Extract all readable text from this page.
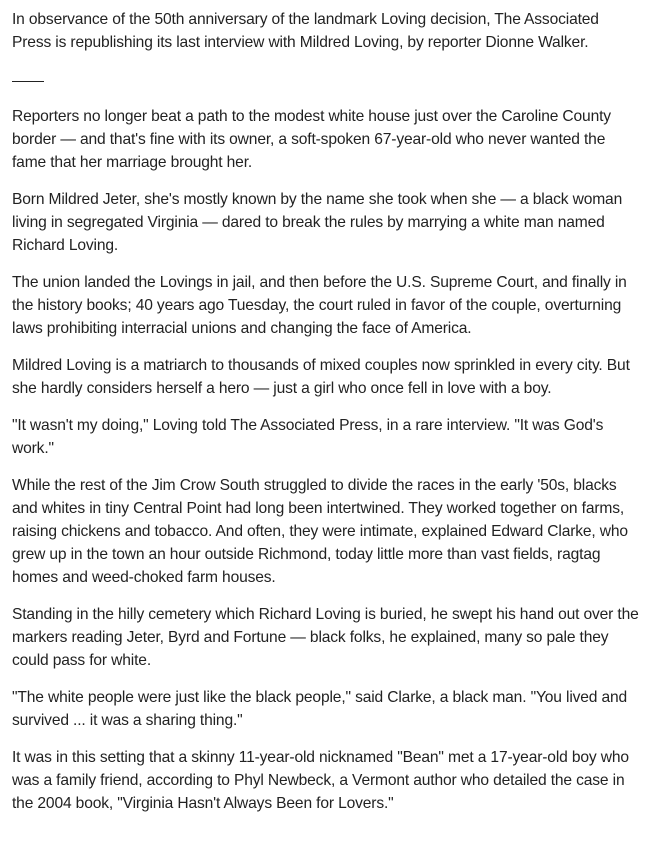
In observance of the 50th anniversary of the landmark Loving decision, The Associated Press is republishing its last interview with Mildred Loving, by reporter Dionne Walker.

Reporters no longer beat a path to the modest white house just over the Caroline County border — and that's fine with its owner, a soft-spoken 67-year-old who never wanted the fame that her marriage brought her.

Born Mildred Jeter, she's mostly known by the name she took when she — a black woman living in segregated Virginia — dared to break the rules by marrying a white man named Richard Loving.

The union landed the Lovings in jail, and then before the U.S. Supreme Court, and finally in the history books; 40 years ago Tuesday, the court ruled in favor of the couple, overturning laws prohibiting interracial unions and changing the face of America.

Mildred Loving is a matriarch to thousands of mixed couples now sprinkled in every city. But she hardly considers herself a hero — just a girl who once fell in love with a boy.

"It wasn't my doing," Loving told The Associated Press, in a rare interview. "It was God's work."

While the rest of the Jim Crow South struggled to divide the races in the early '50s, blacks and whites in tiny Central Point had long been intertwined. They worked together on farms, raising chickens and tobacco. And often, they were intimate, explained Edward Clarke, who grew up in the town an hour outside Richmond, today little more than vast fields, ragtag homes and weed-choked farm houses.

Standing in the hilly cemetery which Richard Loving is buried, he swept his hand out over the markers reading Jeter, Byrd and Fortune — black folks, he explained, many so pale they could pass for white.

"The white people were just like the black people," said Clarke, a black man. "You lived and survived ... it was a sharing thing."

It was in this setting that a skinny 11-year-old nicknamed "Bean" met a 17-year-old boy who was a family friend, according to Phyl Newbeck, a Vermont author who detailed the case in the 2004 book, "Virginia Hasn't Always Been for Lovers."
